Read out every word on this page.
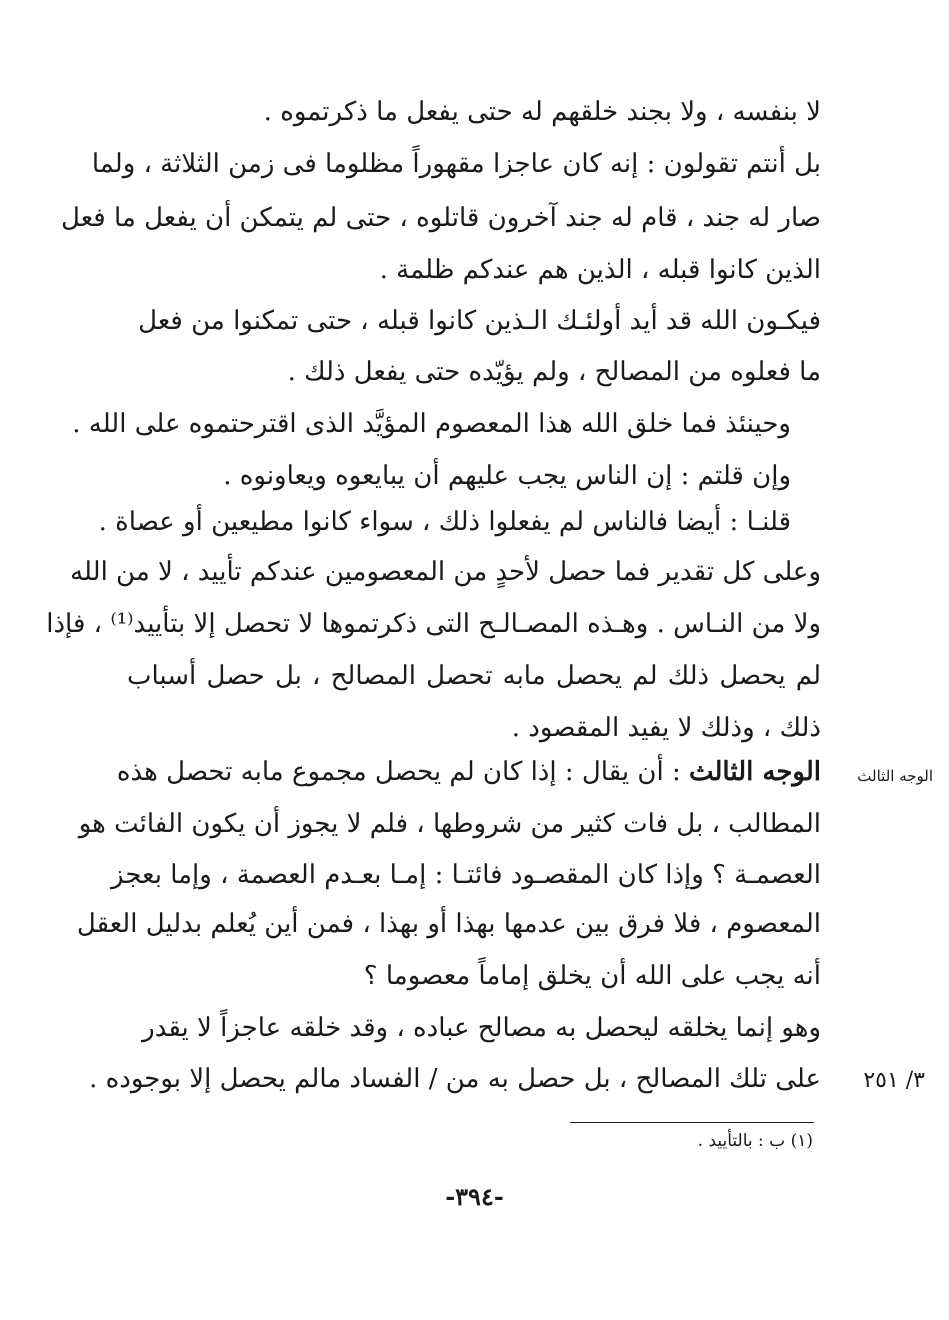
لا بنفسه ، ولا بجند خلقهم له حتى يفعل ما ذكرتموه .
بل أنتم تقولون : إنه كان عاجزا مقهوراً مظلوما فى زمن الثلاثة ، ولما
صار له جند ، قام له جند آخرون قاتلوه ، حتى لم يتمكن أن يفعل ما فعل
الذين كانوا قبله ، الذين هم عندكم ظلمة .
فيكـون الله قد أيد أولئـك الـذين كانوا قبله ، حتى تمكنوا من فعل
ما فعلوه من المصالح ، ولم يؤيّده حتى يفعل ذلك .
وحينئذ فما خلق الله هذا المعصوم المؤيَّد الذى اقترحتموه على الله .
وإن قلتم : إن الناس يجب عليهم أن يبايعوه ويعاونوه .
قلنـا : أيضا فالناس لم يفعلوا ذلك ، سواء كانوا مطيعين أو عصاة .
وعلى كل تقدير فما حصل لأحدٍ من المعصومين عندكم تأييد ، لا من الله
ولا من النـاس . وهـذه المصـالـح التى ذكرتموها لا تحصل إلا بتأييد⁽¹⁾ ، فإذا
لم يحصل ذلك لم يحصل مابه تحصل المصالح ، بل حصل أسباب
ذلك ، وذلك لا يفيد المقصود .
الوجه الثالث : أن يقال : إذا كان لم يحصل مجموع مابه تحصل هذه
المطالب ، بل فات كثير من شروطها ، فلم لا يجوز أن يكون الفائت هو
العصمـة ؟ وإذا كان المقصـود فائتـا : إمـا بعـدم العصمة ، وإما بعجز
المعصوم ، فلا فرق بين عدمها بهذا أو بهذا ، فمن أين يُعلم بدليل العقل
أنه يجب على الله أن يخلق إماماً معصوما ؟
وهو إنما يخلقه ليحصل به مصالح عباده ، وقد خلقه عاجزاً لا يقدر
على تلك المصالح ، بل حصل به من / الفساد مالم يحصل إلا بوجوده .
الوجه الثالث
٣/ ٢٥١
(١) ب : بالتأييد .
-٣٩٤-
